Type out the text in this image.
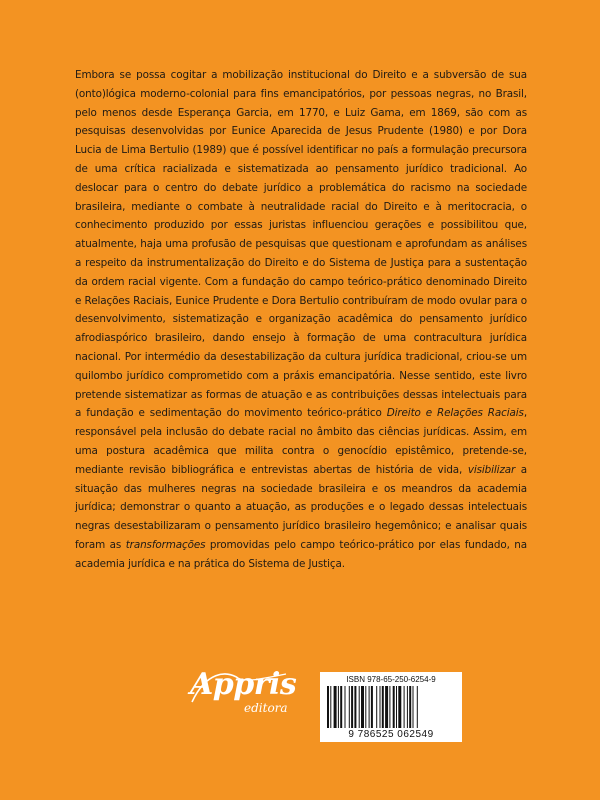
Embora se possa cogitar a mobilização institucional do Direito e a subversão de sua (onto)lógica moderno-colonial para fins emancipatórios, por pessoas negras, no Brasil, pelo menos desde Esperança Garcia, em 1770, e Luiz Gama, em 1869, são com as pesquisas desenvolvidas por Eunice Aparecida de Jesus Prudente (1980) e por Dora Lucia de Lima Bertulio (1989) que é possível identificar no país a formulação precursora de uma crítica racializada e sistematizada ao pensamento jurídico tradicional. Ao deslocar para o centro do debate jurídico a problemática do racismo na sociedade brasileira, mediante o combate à neutralidade racial do Direito e à meritocracia, o conhecimento produzido por essas juristas influenciou gerações e possibilitou que, atualmente, haja uma profusão de pesquisas que questionam e aprofundam as análises a respeito da instrumentalização do Direito e do Sistema de Justiça para a sustentação da ordem racial vigente. Com a fundação do campo teórico-prático denominado Direito e Relações Raciais, Eunice Prudente e Dora Bertulio contribuíram de modo ovular para o desenvolvimento, sistematização e organização acadêmica do pensamento jurídico afrodiaspórico brasileiro, dando ensejo à formação de uma contracultura jurídica nacional. Por intermédio da desestabilização da cultura jurídica tradicional, criou-se um quilombo jurídico comprometido com a práxis emancipatória. Nesse sentido, este livro pretende sistematizar as formas de atuação e as contribuições dessas intelectuais para a fundação e sedimentação do movimento teórico-prático Direito e Relações Raciais, responsável pela inclusão do debate racial no âmbito das ciências jurídicas. Assim, em uma postura acadêmica que milita contra o genocídio epistêmico, pretende-se, mediante revisão bibliográfica e entrevistas abertas de história de vida, visibilizar a situação das mulheres negras na sociedade brasileira e os meandros da academia jurídica; demonstrar o quanto a atuação, as produções e o legado dessas intelectuais negras desestabilizaram o pensamento jurídico brasileiro hegemônico; e analisar quais foram as transformações promovidas pelo campo teórico-prático por elas fundado, na academia jurídica e na prática do Sistema de Justiça.

Appris
editora
ISBN 978-65-250-6254-9
9 786525 062549
